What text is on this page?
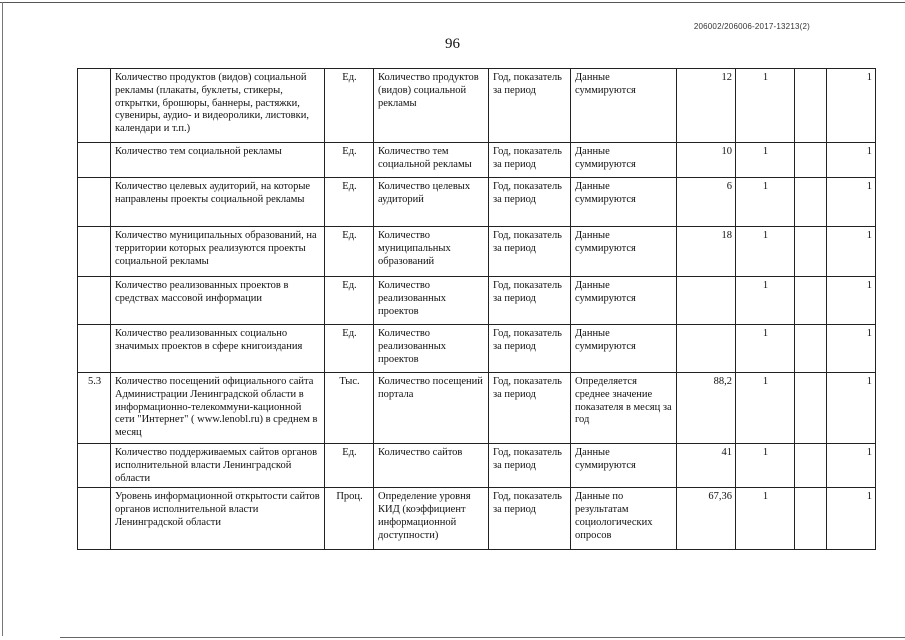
206002/206006-2017-13213(2)
96
	Количество продуктов (видов) социальной рекламы (плакаты, буклеты, стикеры, открытки, брошюры, баннеры, растяжки, сувениры, аудио- и видеоролики, листовки, календари и т.п.)	Ед.	Количество продуктов (видов) социальной рекламы	Год, показатель за период	Данные суммируются	12	1		1
	Количество тем социальной рекламы	Ед.	Количество тем социальной рекламы	Год, показатель за период	Данные суммируются	10	1		1
	Количество целевых аудиторий, на которые направлены проекты социальной рекламы	Ед.	Количество целевых аудиторий	Год, показатель за период	Данные суммируются	6	1		1
	Количество муниципальных образований, на территории которых реализуются проекты социальной рекламы	Ед.	Количество муниципальных образований	Год, показатель за период	Данные суммируются	18	1		1
	Количество реализованных проектов в средствах массовой информации	Ед.	Количество реализованных проектов	Год, показатель за период	Данные суммируются		1		1
	Количество реализованных социально значимых проектов в сфере книгоиздания	Ед.	Количество реализованных проектов	Год, показатель за период	Данные суммируются		1		1
5.3	Количество посещений официального сайта Администрации Ленинградской области в информационно-телекоммуни-кационной сети "Интернет" ( www.lenobl.ru) в среднем в месяц	Тыс.	Количество посещений портала	Год, показатель за период	Определяется среднее значение показателя в месяц за год	88,2	1		1
	Количество поддерживаемых сайтов органов исполнительной власти Ленинградской области	Ед.	Количество сайтов	Год, показатель за период	Данные суммируются	41	1		1
	Уровень информационной открытости сайтов органов исполнительной власти Ленинградской области	Проц.	Определение уровня КИД (коэффициент информационной доступности)	Год, показатель за период	Данные по результатам социологических опросов	67,36	1		1
